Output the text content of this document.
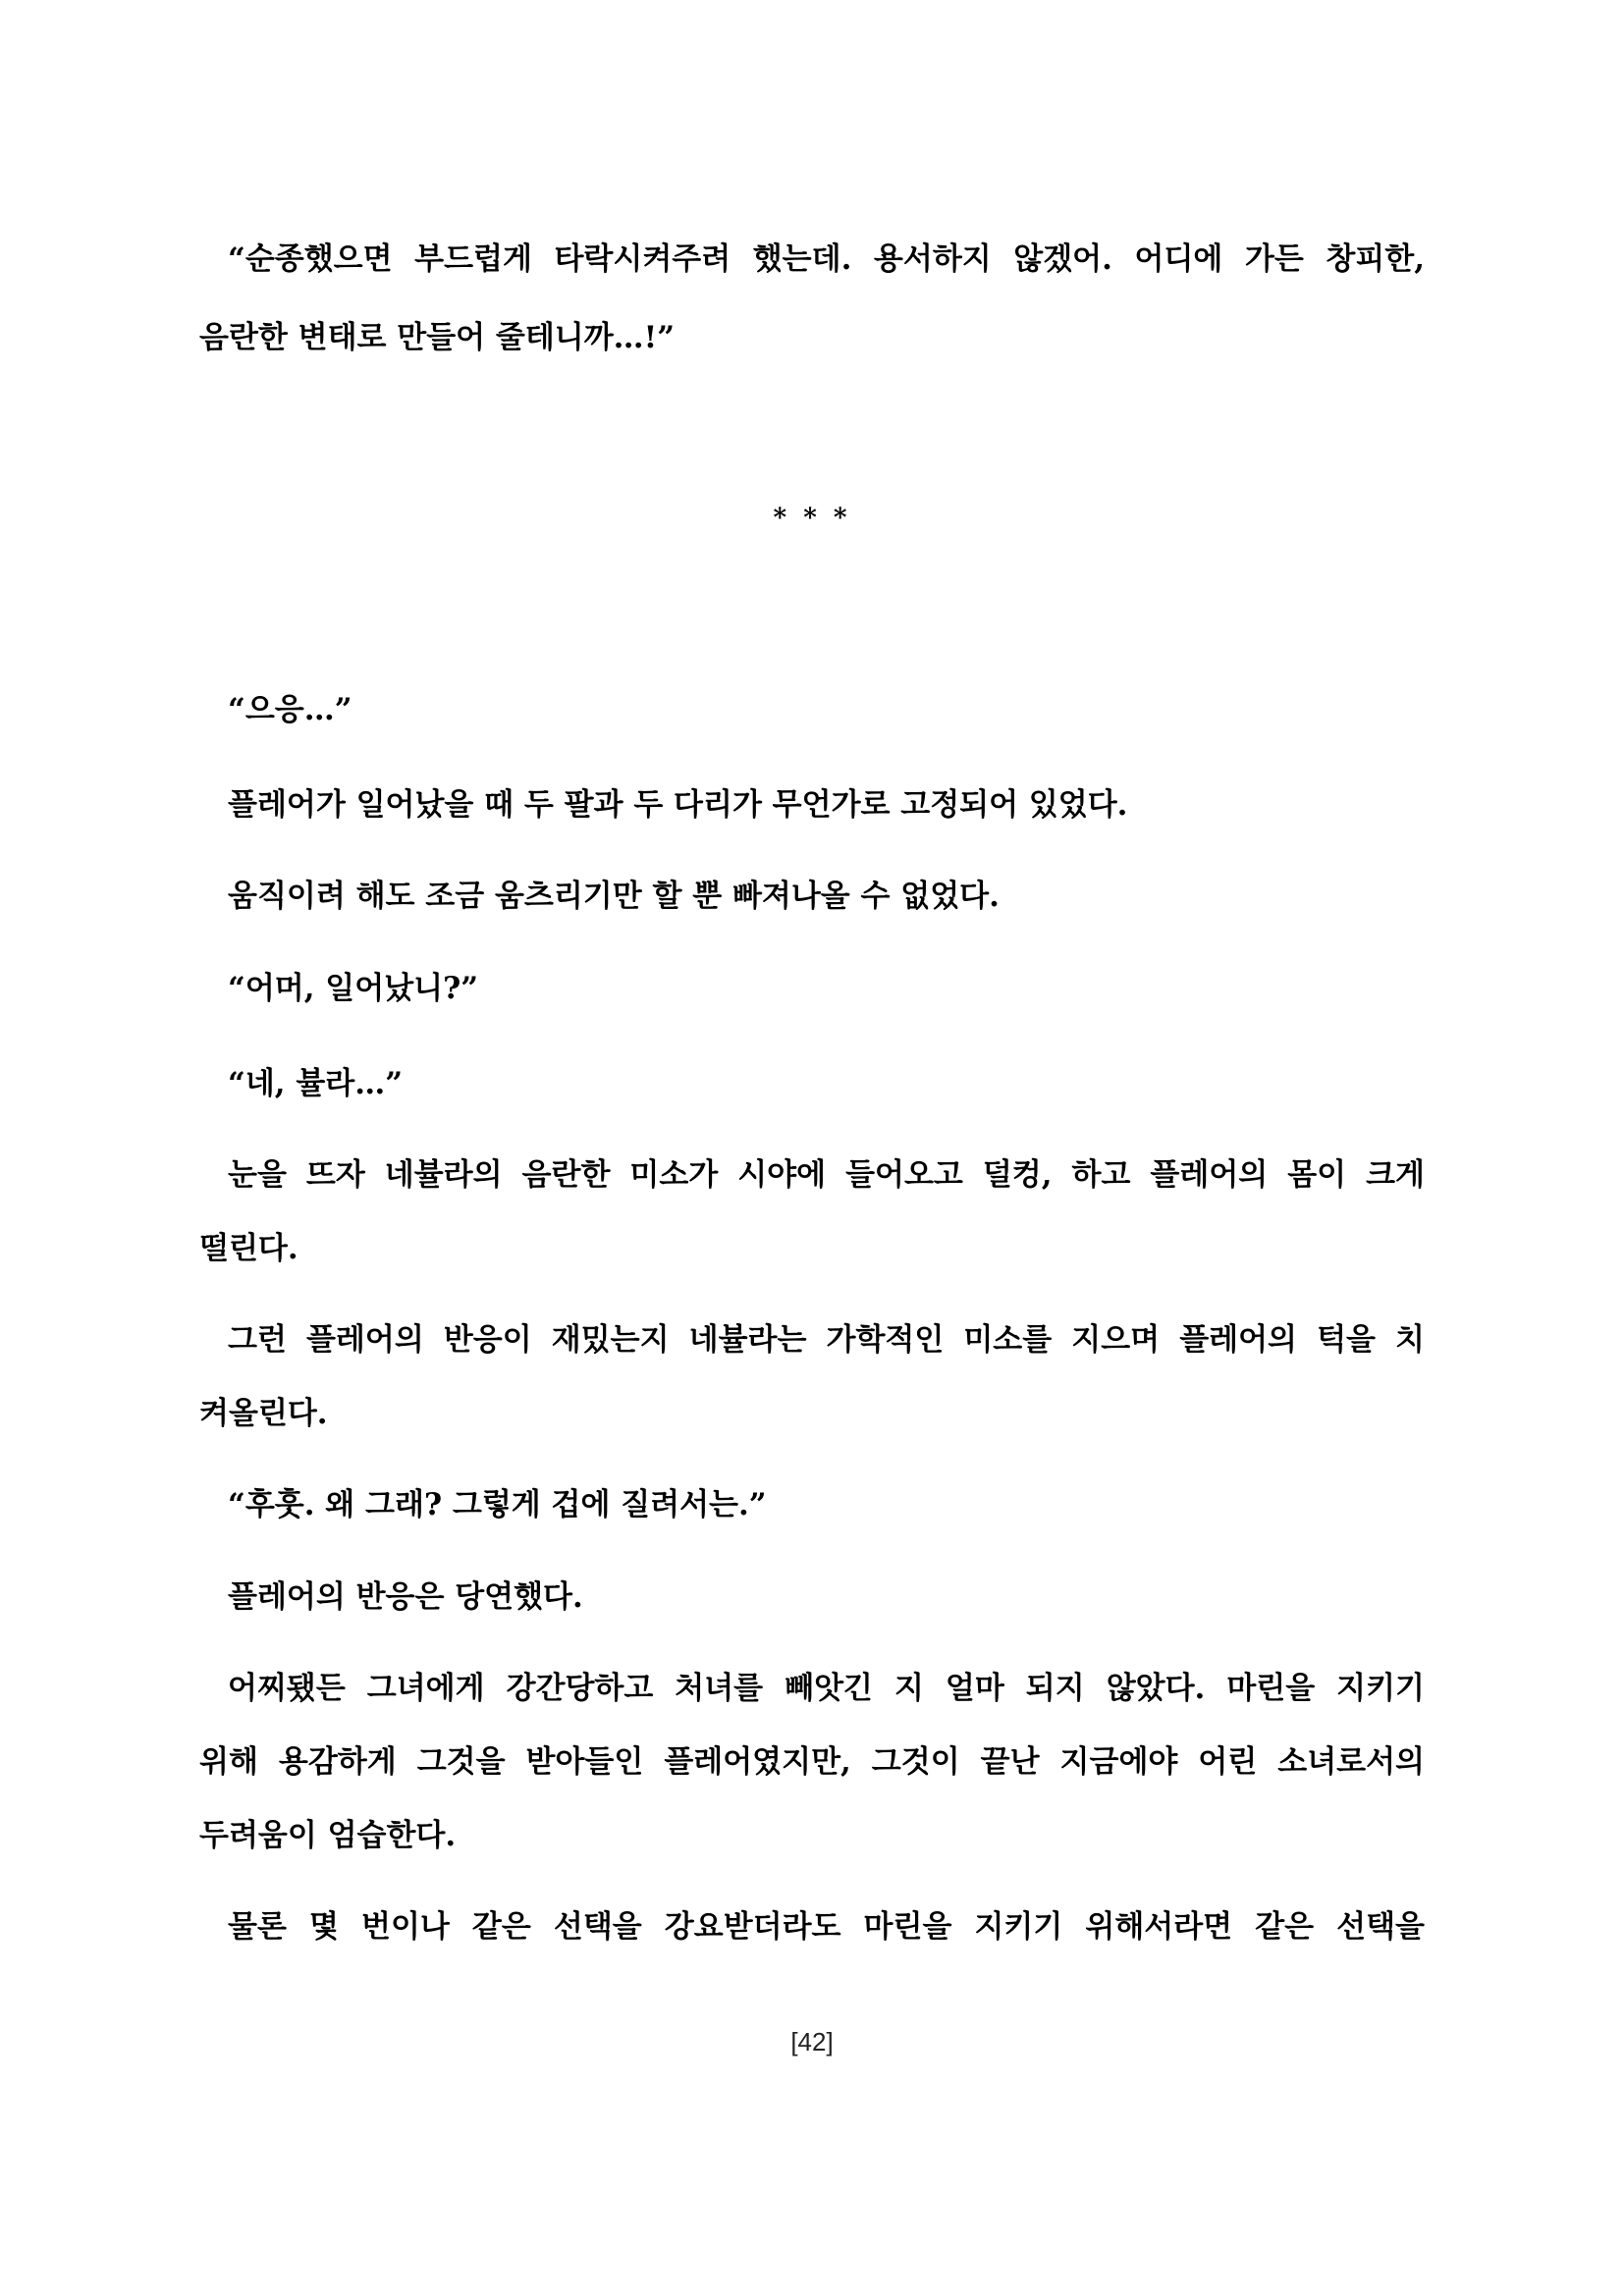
“순종했으면 부드럽게 타락시켜주려 했는데. 용서하지 않겠어. 어디에 가든 창피한,
음란한 변태로 만들어 줄테니까…!”
* * *
“으응…”
플레어가 일어났을 때 두 팔과 두 다리가 무언가로 고정되어 있었다.
움직이려 해도 조금 움츠리기만 할 뿐 빠져나올 수 없었다.
“어머, 일어났니?”
“네, 뷸라…”
눈을 뜨자 네뷸라의 음란한 미소가 시야에 들어오고 덜컹, 하고 플레어의 몸이 크게
떨린다.
그런 플레어의 반응이 재밌는지 네뷸라는 가학적인 미소를 지으며 플레어의 턱을 치
켜올린다.
“후훗. 왜 그래? 그렇게 겁에 질려서는.”
플레어의 반응은 당연했다.
어찌됐든 그녀에게 강간당하고 처녀를 빼앗긴 지 얼마 되지 않았다. 마린을 지키기
위해 용감하게 그것을 받아들인 플레어였지만, 그것이 끝난 지금에야 어린 소녀로서의
두려움이 엄습한다.
물론 몇 번이나 같은 선택을 강요받더라도 마린을 지키기 위해서라면 같은 선택을
[42]
